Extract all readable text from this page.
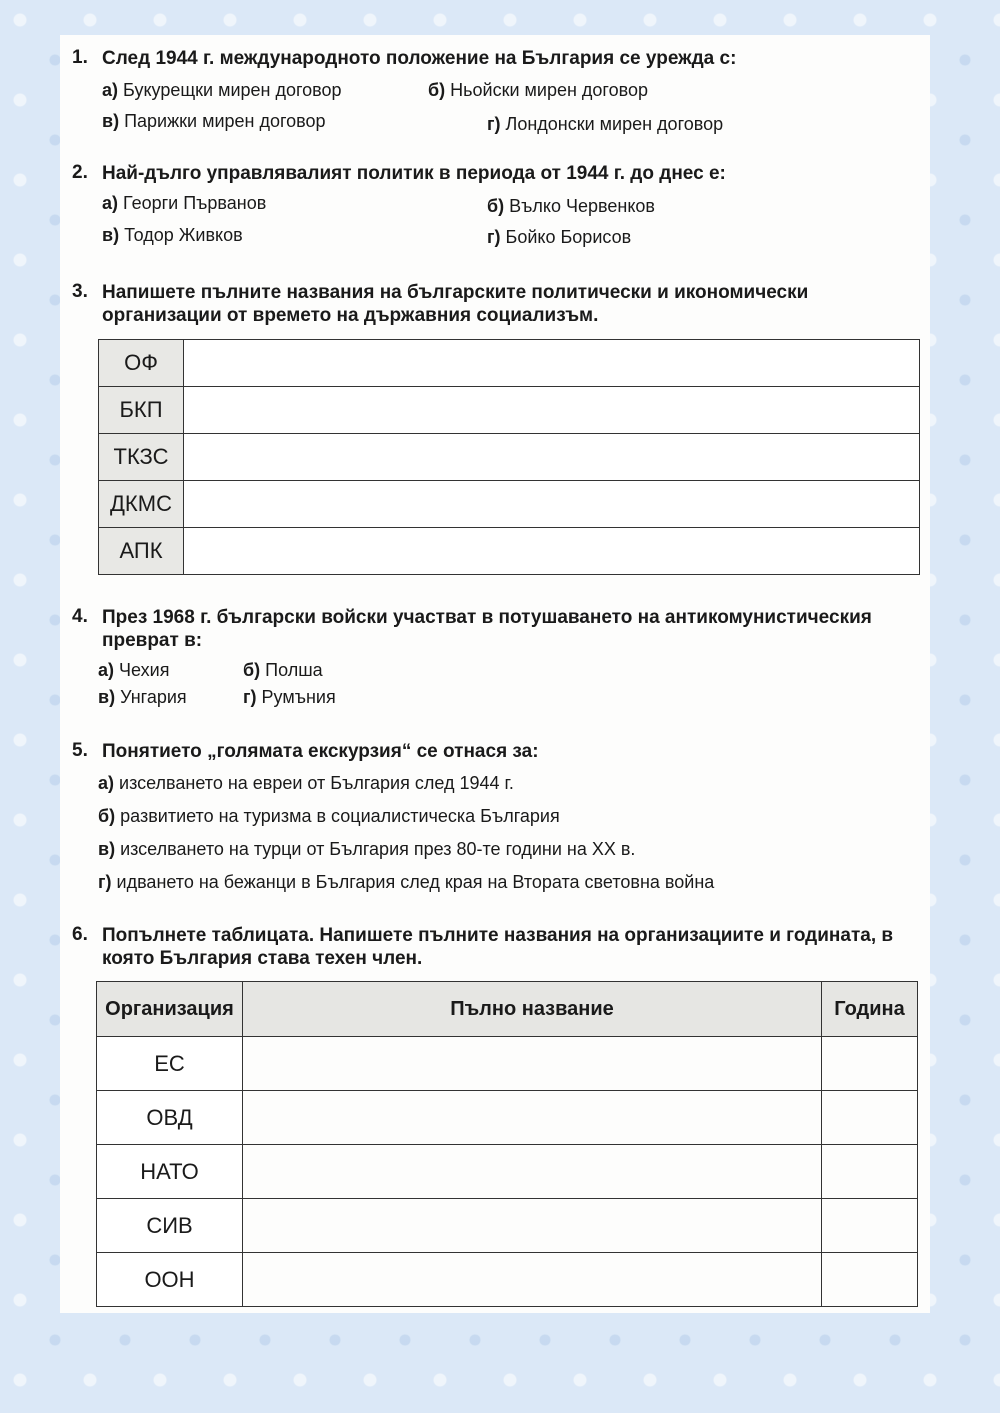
1. След 1944 г. международното положение на България се урежда с:
а) Букурещки мирен договор	б) Ньойски мирен договор
в) Парижки мирен договор	г) Лондонски мирен договор
2. Най-дълго управлявалият политик в периода от 1944 г. до днес е:
а) Георги Първанов	б) Вълко Червенков
в) Тодор Живков	г) Бойко Борисов
3. Напишете пълните названия на българските политически и икономически организации от времето на държавния социализъм.
ОФ	
БКП	
ТКЗС	
ДКМС	
АПК	
4. През 1968 г. български войски участват в потушаването на антикомунистическия преврат в:
а) Чехия	б) Полша
в) Унгария	г) Румъния
5. Понятието „голямата екскурзия“ се отнася за:
а) изселването на евреи от България след 1944 г.
б) развитието на туризма в социалистическа България
в) изселването на турци от България през 80-те години на XX в.
г) идването на бежанци в България след края на Втората световна война
6. Попълнете таблицата. Напишете пълните названия на организациите и годината, в която България става техен член.
Организация	Пълно название	Година
ЕС		
ОВД		
НАТО		
СИВ		
ООН		
